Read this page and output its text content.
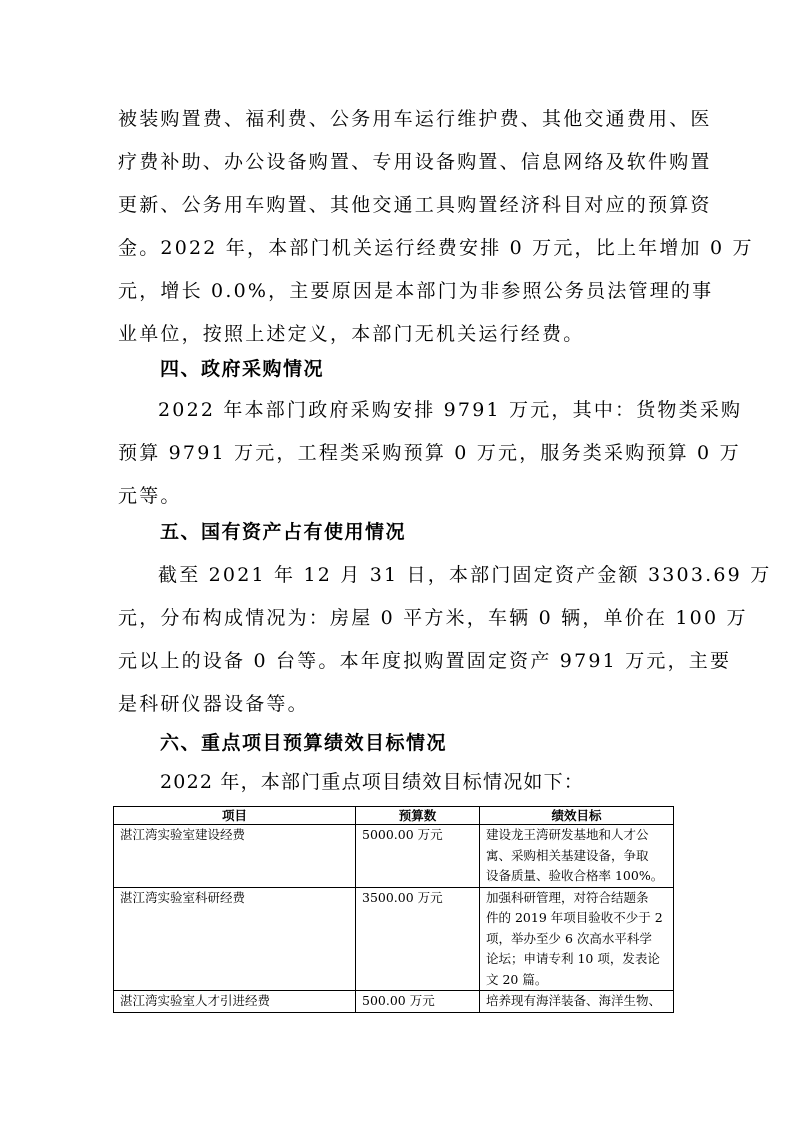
被装购置费、福利费、公务用车运行维护费、其他交通费用、医
疗费补助、办公设备购置、专用设备购置、信息网络及软件购置
更新、公务用车购置、其他交通工具购置经济科目对应的预算资
金。2022 年，本部门机关运行经费安排 0 万元，比上年增加 0 万
元，增长 0.0%，主要原因是本部门为非参照公务员法管理的事
业单位，按照上述定义，本部门无机关运行经费。
四、政府采购情况
2022 年本部门政府采购安排 9791 万元，其中：货物类采购
预算 9791 万元，工程类采购预算 0 万元，服务类采购预算 0 万
元等。
五、国有资产占有使用情况
截至 2021 年 12 月 31 日，本部门固定资产金额 3303.69 万
元，分布构成情况为：房屋 0 平方米，车辆 0 辆，单价在 100 万
元以上的设备 0 台等。本年度拟购置固定资产 9791 万元，主要
是科研仪器设备等。
六、重点项目预算绩效目标情况

2022 年，本部门重点项目绩效目标情况如下：

项目	预算数	绩效目标
湛江湾实验室建设经费	5000.00 万元	建设龙王湾研发基地和人才公
寓、采购相关基建设备，争取
设备质量、验收合格率 100%。

湛江湾实验室科研经费	3500.00 万元	加强科研管理，对符合结题条
件的 2019 年项目验收不少于 2
项，举办至少 6 次高水平科学
论坛；申请专利 10 项，发表论
文 20 篇。

湛江湾实验室人才引进经费	500.00 万元	培养现有海洋装备、海洋生物、
